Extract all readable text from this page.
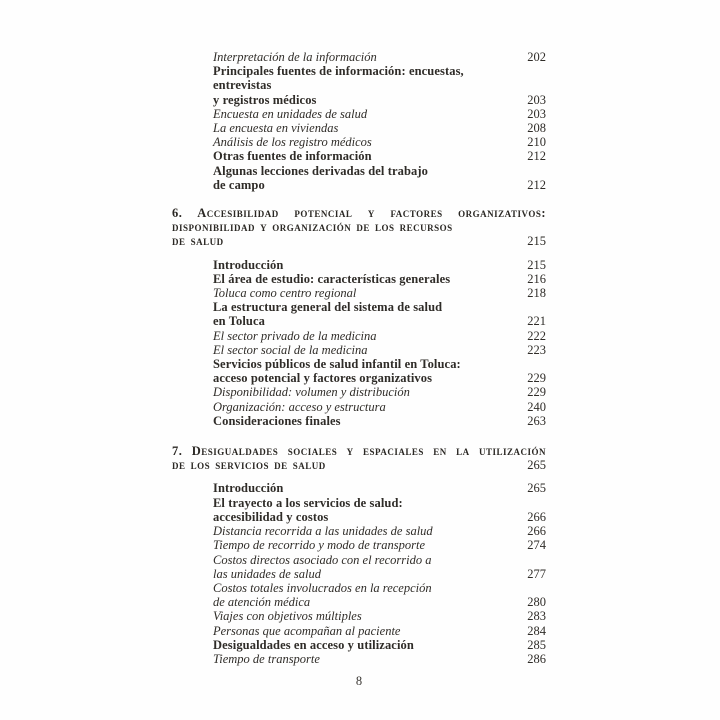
Interpretación de la información	202
Principales fuentes de información: encuestas, entrevistas
y registros médicos	203
Encuesta en unidades de salud	203
La encuesta en viviendas	208
Análisis de los registro médicos	210
Otras fuentes de información	212
Algunas lecciones derivadas del trabajo
de campo	212
6. Accesibilidad potencial y factores organizativos:
disponibilidad y organización de los recursos
de salud	215
Introducción	215
El área de estudio: características generales	216
Toluca como centro regional	218
La estructura general del sistema de salud
en Toluca	221
El sector privado de la medicina	222
El sector social de la medicina	223
Servicios públicos de salud infantil en Toluca:
acceso potencial y factores organizativos	229
Disponibilidad: volumen y distribución	229
Organización: acceso y estructura	240
Consideraciones finales	263
7. Desigualdades sociales y espaciales en la utilización
de los servicios de salud	265
Introducción	265
El trayecto a los servicios de salud:
accesibilidad y costos	266
Distancia recorrida a las unidades de salud	266
Tiempo de recorrido y modo de transporte	274
Costos directos asociado con el recorrido a
las unidades de salud	277
Costos totales involucrados en la recepción
de atención médica	280
Viajes con objetivos múltiples	283
Personas que acompañan al paciente	284
Desigualdades en acceso y utilización	285
Tiempo de transporte	286
8
